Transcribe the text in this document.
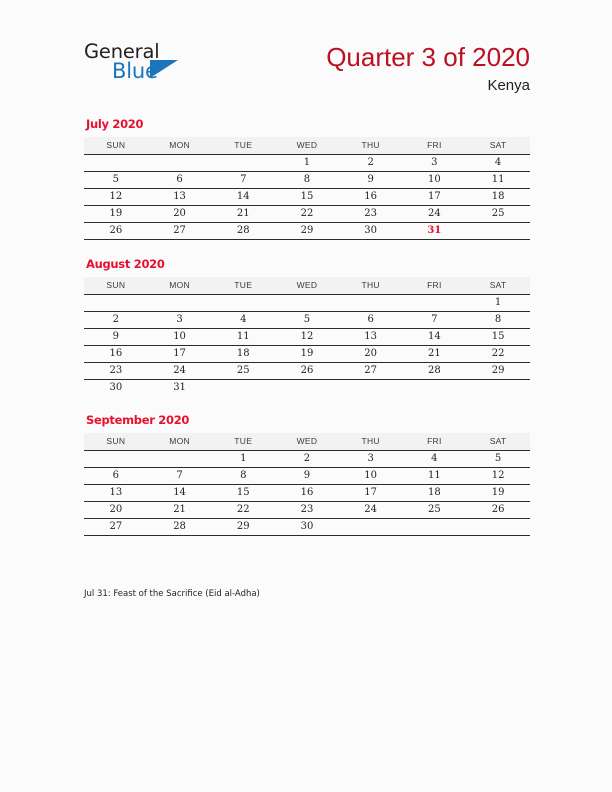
General
Blue	Quarter 3 of 2020
Kenya
July 2020
SUN	MON	TUE	WED	THU	FRI	SAT
			1	2	3	4
5	6	7	8	9	10	11
12	13	14	15	16	17	18
19	20	21	22	23	24	25
26	27	28	29	30	31	

August 2020
SUN	MON	TUE	WED	THU	FRI	SAT
						1
2	3	4	5	6	7	8
9	10	11	12	13	14	15
16	17	18	19	20	21	22
23	24	25	26	27	28	29
30	31					
September 2020
SUN	MON	TUE	WED	THU	FRI	SAT
		1	2	3	4	5
6	7	8	9	10	11	12
13	14	15	16	17	18	19
20	21	22	23	24	25	26
27	28	29	30			

Jul 31: Feast of the Sacrifice (Eid al-Adha)
